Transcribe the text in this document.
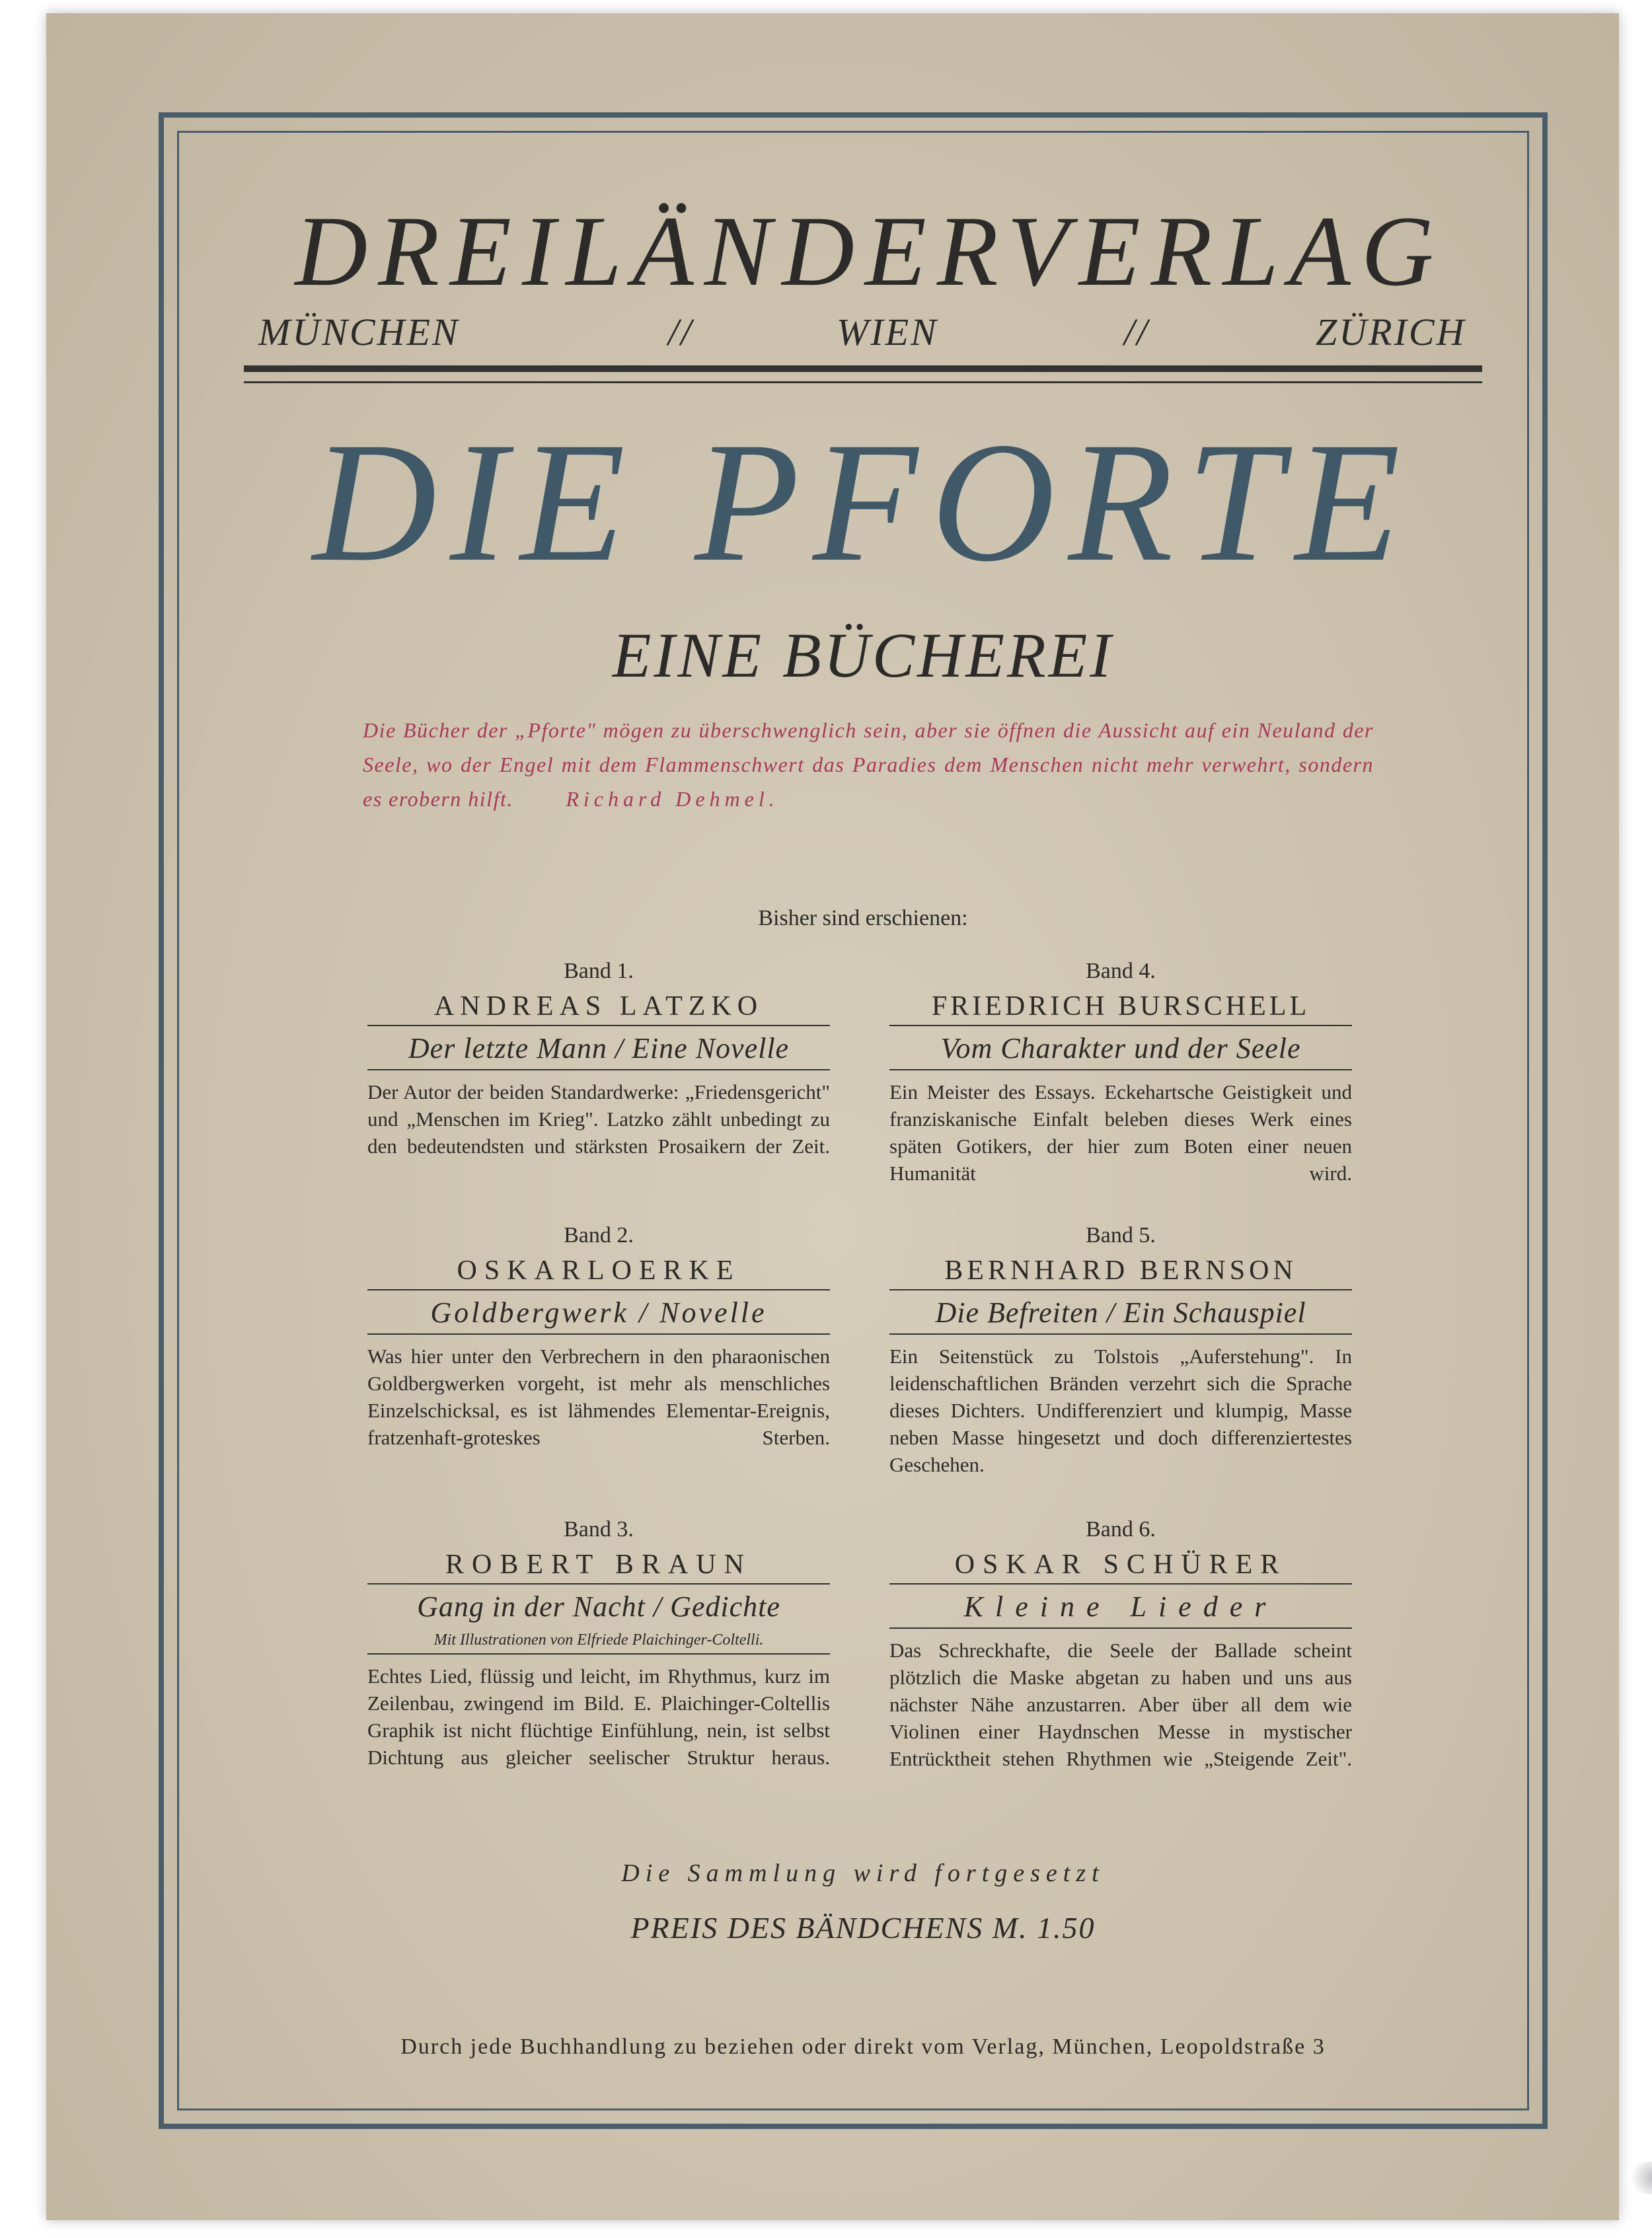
DREILÄNDERVERLAG
MÜNCHEN	//	WIEN	//	ZÜRICH
DIE PFORTE
EINE BÜCHEREI
Die Bücher der „Pforte" mögen zu überschwenglich sein, aber sie öffnen die Aussicht auf ein Neuland der Seele, wo der Engel mit dem Flammenschwert das Paradies dem Menschen nicht mehr verwehrt, sondern es erobern hilft. Richard Dehmel.
Bisher sind erschienen:
Band 1.
ANDREAS LATZKO
Der letzte Mann / Eine Novelle
Der Autor der beiden Standardwerke: „Friedensgericht" und „Menschen im Krieg". Latzko zählt unbedingt zu den bedeutendsten und stärksten Prosaikern der Zeit.
Band 2.
OSKARLOERKE
Goldbergwerk / Novelle
Was hier unter den Verbrechern in den pharaonischen Goldbergwerken vorgeht, ist mehr als menschliches Einzelschicksal, es ist lähmendes Elementar-Ereignis, fratzenhaft-groteskes Sterben.
Band 3.
ROBERT BRAUN
Gang in der Nacht / Gedichte
Mit Illustrationen von Elfriede Plaichinger-Coltelli.
Echtes Lied, flüssig und leicht, im Rhythmus, kurz im Zeilenbau, zwingend im Bild. E. Plaichinger-Coltellis Graphik ist nicht flüchtige Einfühlung, nein, ist selbst Dichtung aus gleicher seelischer Struktur heraus.
Band 4.
FRIEDRICH BURSCHELL
Vom Charakter und der Seele
Ein Meister des Essays. Eckehartsche Geistigkeit und franziskanische Einfalt beleben dieses Werk eines späten Gotikers, der hier zum Boten einer neuen Humanität wird.
Band 5.
BERNHARD BERNSON
Die Befreiten / Ein Schauspiel
Ein Seitenstück zu Tolstois „Auferstehung". In leidenschaftlichen Bränden verzehrt sich die Sprache dieses Dichters. Undifferenziert und klumpig, Masse neben Masse hingesetzt und doch differenziertestes Geschehen.
Band 6.
OSKAR SCHÜRER
Kleine Lieder
Das Schreckhafte, die Seele der Ballade scheint plötzlich die Maske abgetan zu haben und uns aus nächster Nähe anzustarren. Aber über all dem wie Violinen einer Haydnschen Messe in mystischer Entrücktheit stehen Rhythmen wie „Steigende Zeit".
Die Sammlung wird fortgesetzt
PREIS DES BÄNDCHENS M. 1.50
Durch jede Buchhandlung zu beziehen oder direkt vom Verlag, München, Leopoldstraße 3
